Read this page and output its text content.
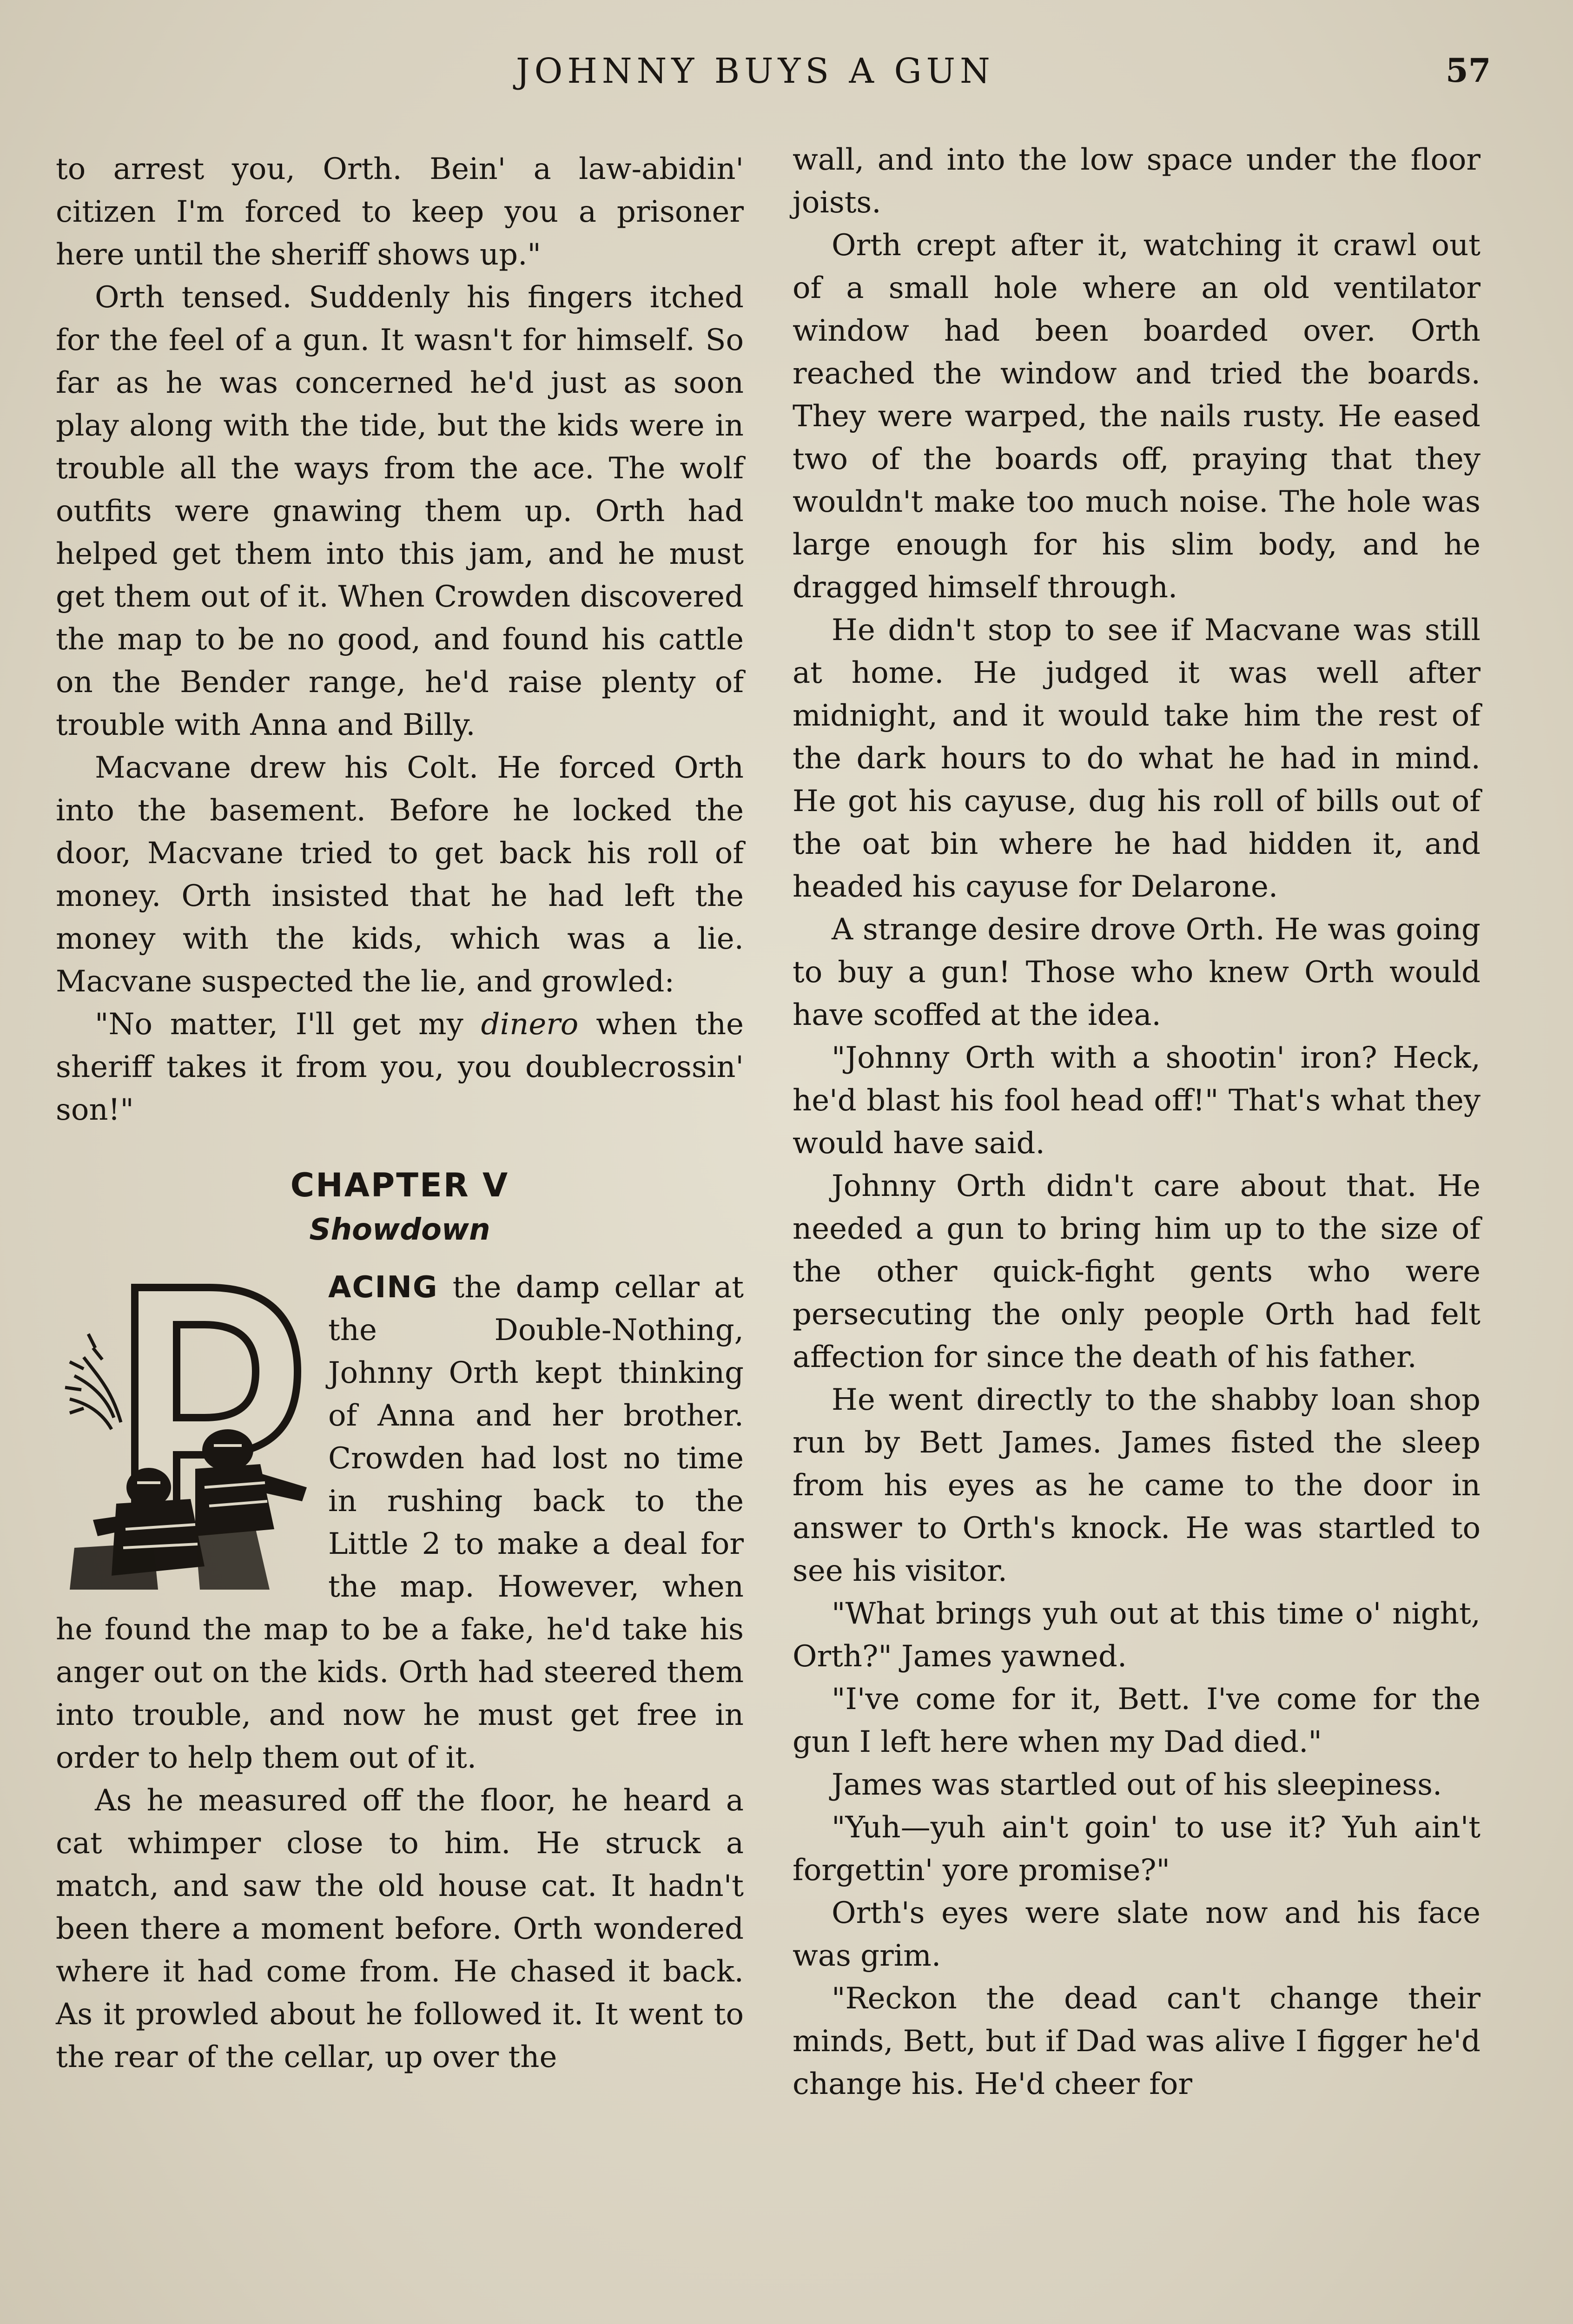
JOHNNY BUYS A GUN	57

to arrest you, Orth. Bein' a law-abidin' citizen I'm forced to keep you a prisoner here until the sheriff shows up."

Orth tensed. Suddenly his fingers itched for the feel of a gun. It wasn't for himself. So far as he was concerned he'd just as soon play along with the tide, but the kids were in trouble all the ways from the ace. The wolf outfits were gnawing them up. Orth had helped get them into this jam, and he must get them out of it. When Crowden discovered the map to be no good, and found his cattle on the Bender range, he'd raise plenty of trouble with Anna and Billy.

Macvane drew his Colt. He forced Orth into the basement. Before he locked the door, Macvane tried to get back his roll of money. Orth insisted that he had left the money with the kids, which was a lie. Macvane suspected the lie, and growled:

"No matter, I'll get my dinero when the sheriff takes it from you, you doublecrossin' son!"

CHAPTER V
Showdown

ACING the damp cellar at the Double-Nothing, Johnny Orth kept thinking of Anna and her brother. Crowden had lost no time in rushing back to the Little 2 to make a deal for the map. However, when he found the map to be a fake, he'd take his anger out on the kids. Orth had steered them into trouble, and now he must get free in order to help them out of it.

As he measured off the floor, he heard a cat whimper close to him. He struck a match, and saw the old house cat. It hadn't been there a moment before. Orth wondered where it had come from. He chased it back. As it prowled about he followed it. It went to the rear of the cellar, up over the

wall, and into the low space under the floor joists.

Orth crept after it, watching it crawl out of a small hole where an old ventilator window had been boarded over. Orth reached the window and tried the boards. They were warped, the nails rusty. He eased two of the boards off, praying that they wouldn't make too much noise. The hole was large enough for his slim body, and he dragged himself through.

He didn't stop to see if Macvane was still at home. He judged it was well after midnight, and it would take him the rest of the dark hours to do what he had in mind. He got his cayuse, dug his roll of bills out of the oat bin where he had hidden it, and headed his cayuse for Delarone.

A strange desire drove Orth. He was going to buy a gun! Those who knew Orth would have scoffed at the idea.

"Johnny Orth with a shootin' iron? Heck, he'd blast his fool head off!" That's what they would have said.

Johnny Orth didn't care about that. He needed a gun to bring him up to the size of the other quick-fight gents who were persecuting the only people Orth had felt affection for since the death of his father.

He went directly to the shabby loan shop run by Bett James. James fisted the sleep from his eyes as he came to the door in answer to Orth's knock. He was startled to see his visitor.

"What brings yuh out at this time o' night, Orth?" James yawned.

"I've come for it, Bett. I've come for the gun I left here when my Dad died."

James was startled out of his sleepiness.

"Yuh—yuh ain't goin' to use it? Yuh ain't forgettin' yore promise?"

Orth's eyes were slate now and his face was grim.

"Reckon the dead can't change their minds, Bett, but if Dad was alive I figger he'd change his. He'd cheer for
